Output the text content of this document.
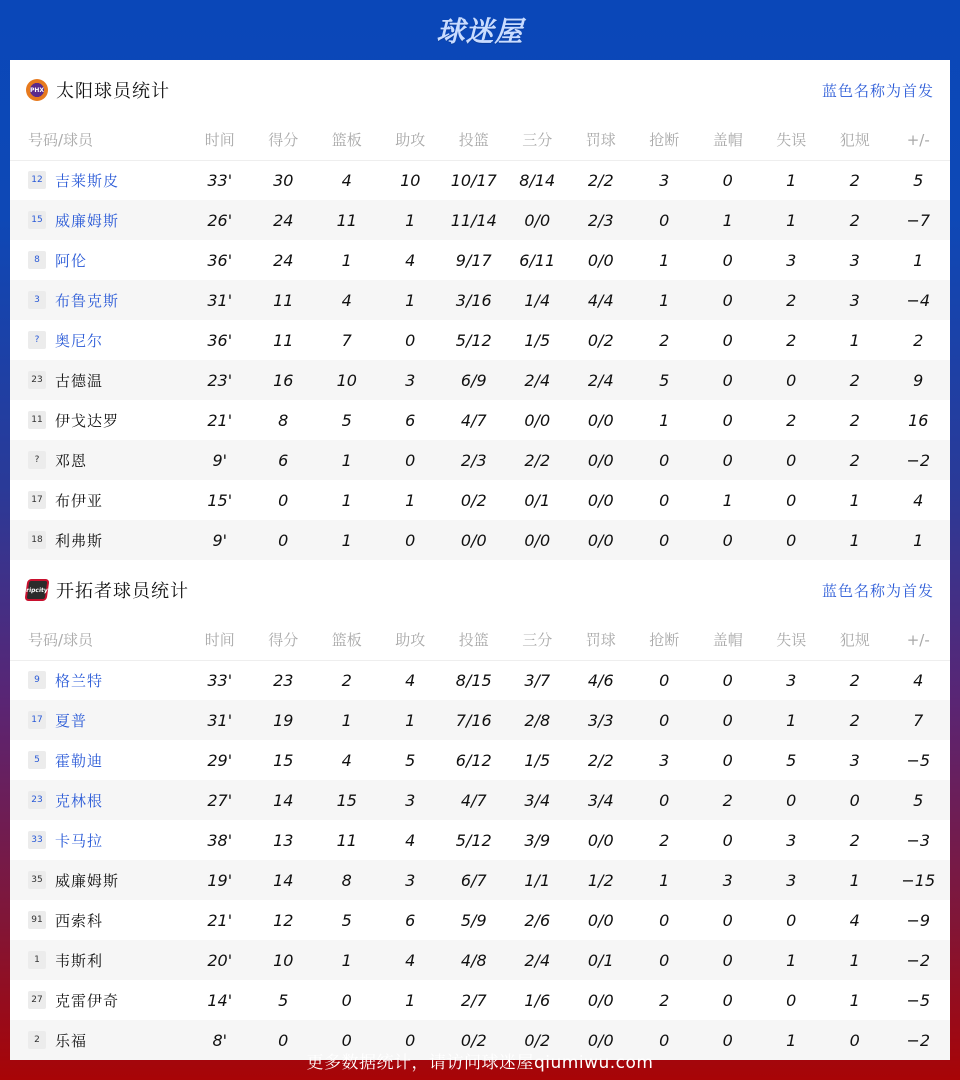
球迷屋
PHX 太阳球员统计	蓝色名称为首发
号码/球员	时间	得分	篮板	助攻	投篮	三分	罚球	抢断	盖帽	失误	犯规	+/-
12 吉莱斯皮	33'	30	4	10	10/17	8/14	2/2	3	0	1	2	5
15 威廉姆斯	26'	24	11	1	11/14	0/0	2/3	0	1	1	2	−7
8 阿伦	36'	24	1	4	9/17	6/11	0/0	1	0	3	3	1
3 布鲁克斯	31'	11	4	1	3/16	1/4	4/4	1	0	2	3	−4
? 奥尼尔	36'	11	7	0	5/12	1/5	0/2	2	0	2	1	2
23 古德温	23'	16	10	3	6/9	2/4	2/4	5	0	0	2	9
11 伊戈达罗	21'	8	5	6	4/7	0/0	0/0	1	0	2	2	16
? 邓恩	9'	6	1	0	2/3	2/2	0/0	0	0	0	2	−2
17 布伊亚	15'	0	1	1	0/2	0/1	0/0	0	1	0	1	4
18 利弗斯	9'	0	1	0	0/0	0/0	0/0	0	0	0	1	1
ripcity 开拓者球员统计	蓝色名称为首发
号码/球员	时间	得分	篮板	助攻	投篮	三分	罚球	抢断	盖帽	失误	犯规	+/-
9 格兰特	33'	23	2	4	8/15	3/7	4/6	0	0	3	2	4
17 夏普	31'	19	1	1	7/16	2/8	3/3	0	0	1	2	7
5 霍勒迪	29'	15	4	5	6/12	1/5	2/2	3	0	5	3	−5
23 克林根	27'	14	15	3	4/7	3/4	3/4	0	2	0	0	5
33 卡马拉	38'	13	11	4	5/12	3/9	0/0	2	0	3	2	−3
35 威廉姆斯	19'	14	8	3	6/7	1/1	1/2	1	3	3	1	−15
91 西索科	21'	12	5	6	5/9	2/6	0/0	0	0	0	4	−9
1 韦斯利	20'	10	1	4	4/8	2/4	0/1	0	0	1	1	−2
27 克雷伊奇	14'	5	0	1	2/7	1/6	0/0	2	0	0	1	−5
2 乐福	8'	0	0	0	0/2	0/2	0/0	0	0	1	0	−2
更多数据统计，请访问球迷屋qiumiwu.com
